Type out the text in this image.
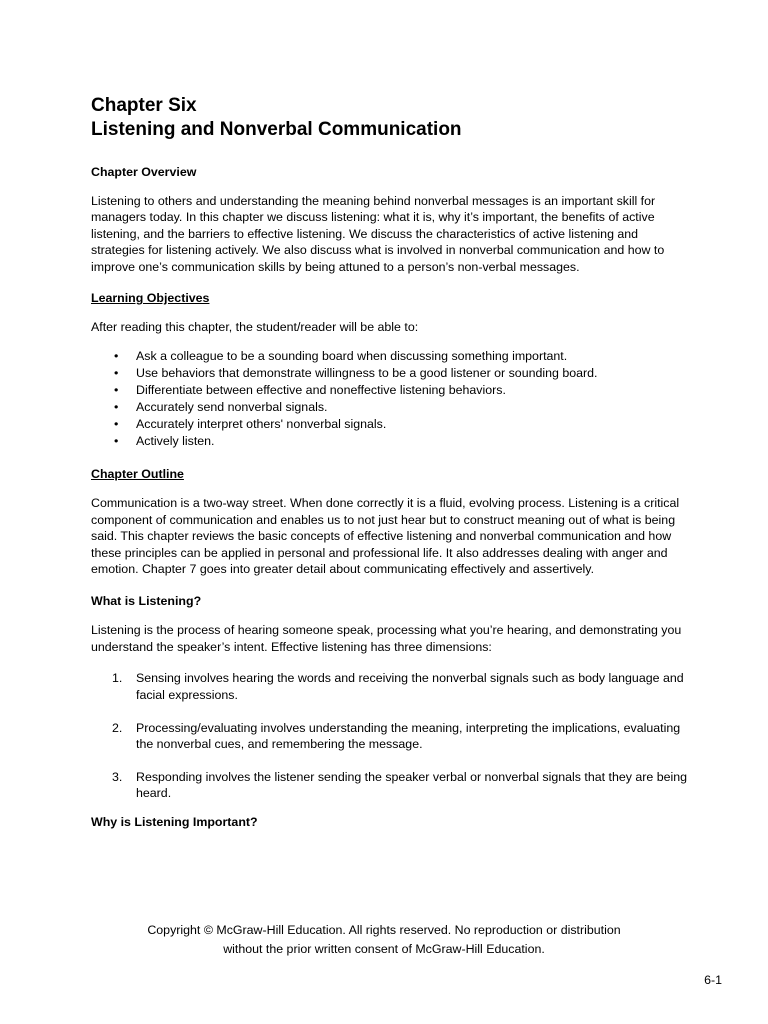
Chapter Six
Listening and Nonverbal Communication
Chapter Overview

Listening to others and understanding the meaning behind nonverbal messages is an important skill for managers today. In this chapter we discuss listening: what it is, why it’s important, the benefits of active listening, and the barriers to effective listening. We discuss the characteristics of active listening and strategies for listening actively. We also discuss what is involved in nonverbal communication and how to improve one’s communication skills by being attuned to a person’s non-verbal messages.

Learning Objectives

After reading this chapter, the student/reader will be able to:

• Ask a colleague to be a sounding board when discussing something important.
• Use behaviors that demonstrate willingness to be a good listener or sounding board.
• Differentiate between effective and noneffective listening behaviors.
• Accurately send nonverbal signals.
• Accurately interpret others' nonverbal signals.
• Actively listen.
Chapter Outline

Communication is a two-way street. When done correctly it is a fluid, evolving process. Listening is a critical component of communication and enables us to not just hear but to construct meaning out of what is being said. This chapter reviews the basic concepts of effective listening and nonverbal communication and how these principles can be applied in personal and professional life. It also addresses dealing with anger and emotion. Chapter 7 goes into greater detail about communicating effectively and assertively.

What is Listening?

Listening is the process of hearing someone speak, processing what you’re hearing, and demonstrating you understand the speaker’s intent. Effective listening has three dimensions:

1. Sensing involves hearing the words and receiving the nonverbal signals such as body language and facial expressions.
2. Processing/evaluating involves understanding the meaning, interpreting the implications, evaluating the nonverbal cues, and remembering the message.
3. Responding involves the listener sending the speaker verbal or nonverbal signals that they are being heard.
Why is Listening Important?
Copyright © McGraw-Hill Education. All rights reserved. No reproduction or distribution
without the prior written consent of McGraw-Hill Education.
6-1
